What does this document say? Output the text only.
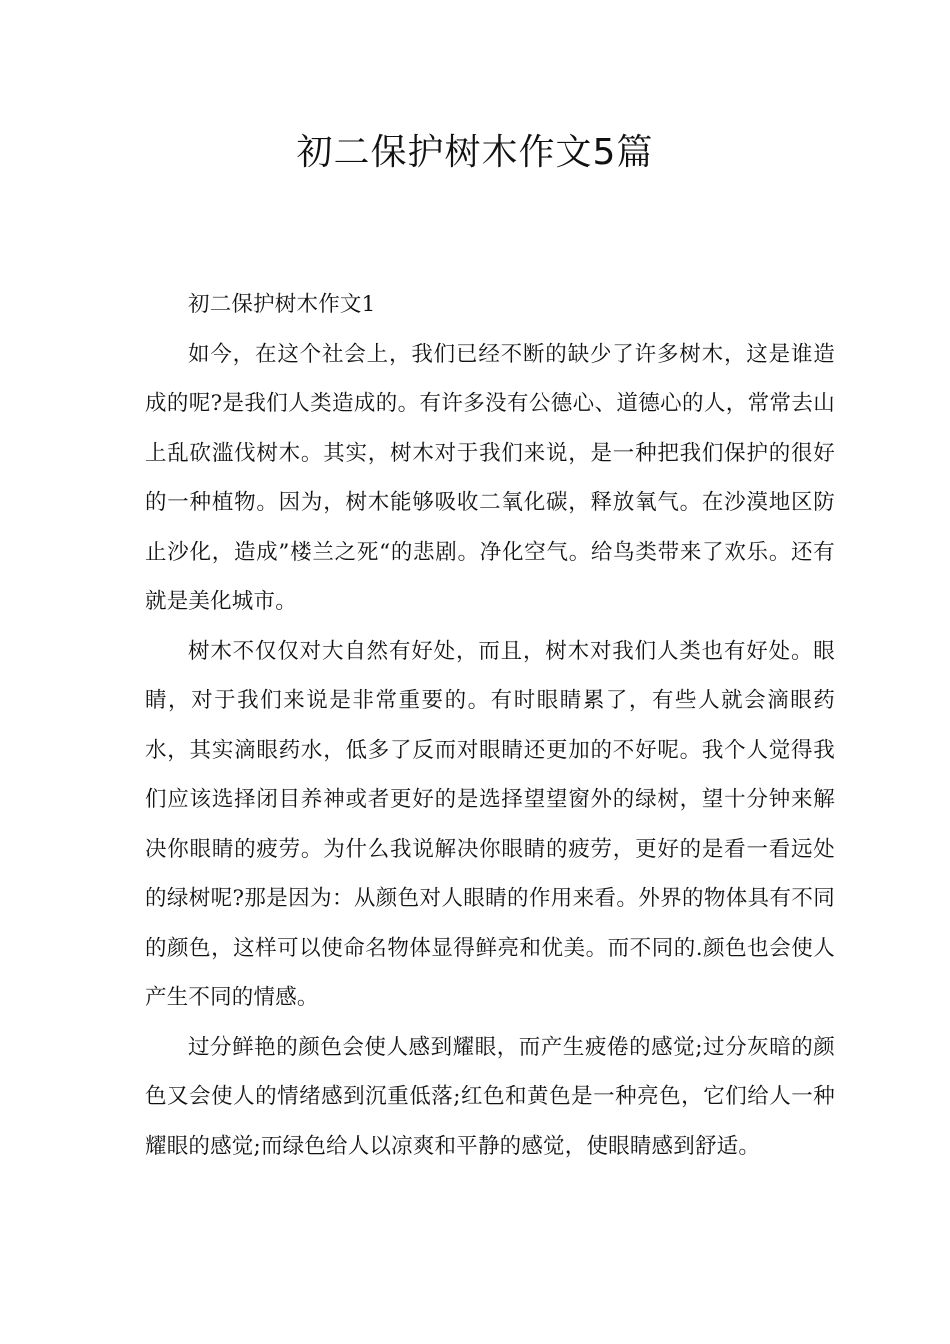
初二保护树木作文5篇

初二保护树木作文1

如今，在这个社会上，我们已经不断的缺少了许多树木，这是谁造成的呢?是我们人类造成的。有许多没有公德心、道德心的人，常常去山上乱砍滥伐树木。其实，树木对于我们来说，是一种把我们保护的很好的一种植物。因为，树木能够吸收二氧化碳，释放氧气。在沙漠地区防止沙化，造成”楼兰之死“的悲剧。净化空气。给鸟类带来了欢乐。还有就是美化城市。

树木不仅仅对大自然有好处，而且，树木对我们人类也有好处。眼睛，对于我们来说是非常重要的。有时眼睛累了，有些人就会滴眼药水，其实滴眼药水，低多了反而对眼睛还更加的不好呢。我个人觉得我们应该选择闭目养神或者更好的是选择望望窗外的绿树，望十分钟来解决你眼睛的疲劳。为什么我说解决你眼睛的疲劳，更好的是看一看远处的绿树呢?那是因为：从颜色对人眼睛的作用来看。外界的物体具有不同的颜色，这样可以使命名物体显得鲜亮和优美。而不同的.颜色也会使人产生不同的情感。

过分鲜艳的颜色会使人感到耀眼，而产生疲倦的感觉;过分灰暗的颜色又会使人的情绪感到沉重低落;红色和黄色是一种亮色，它们给人一种耀眼的感觉;而绿色给人以凉爽和平静的感觉，使眼睛感到舒适。
